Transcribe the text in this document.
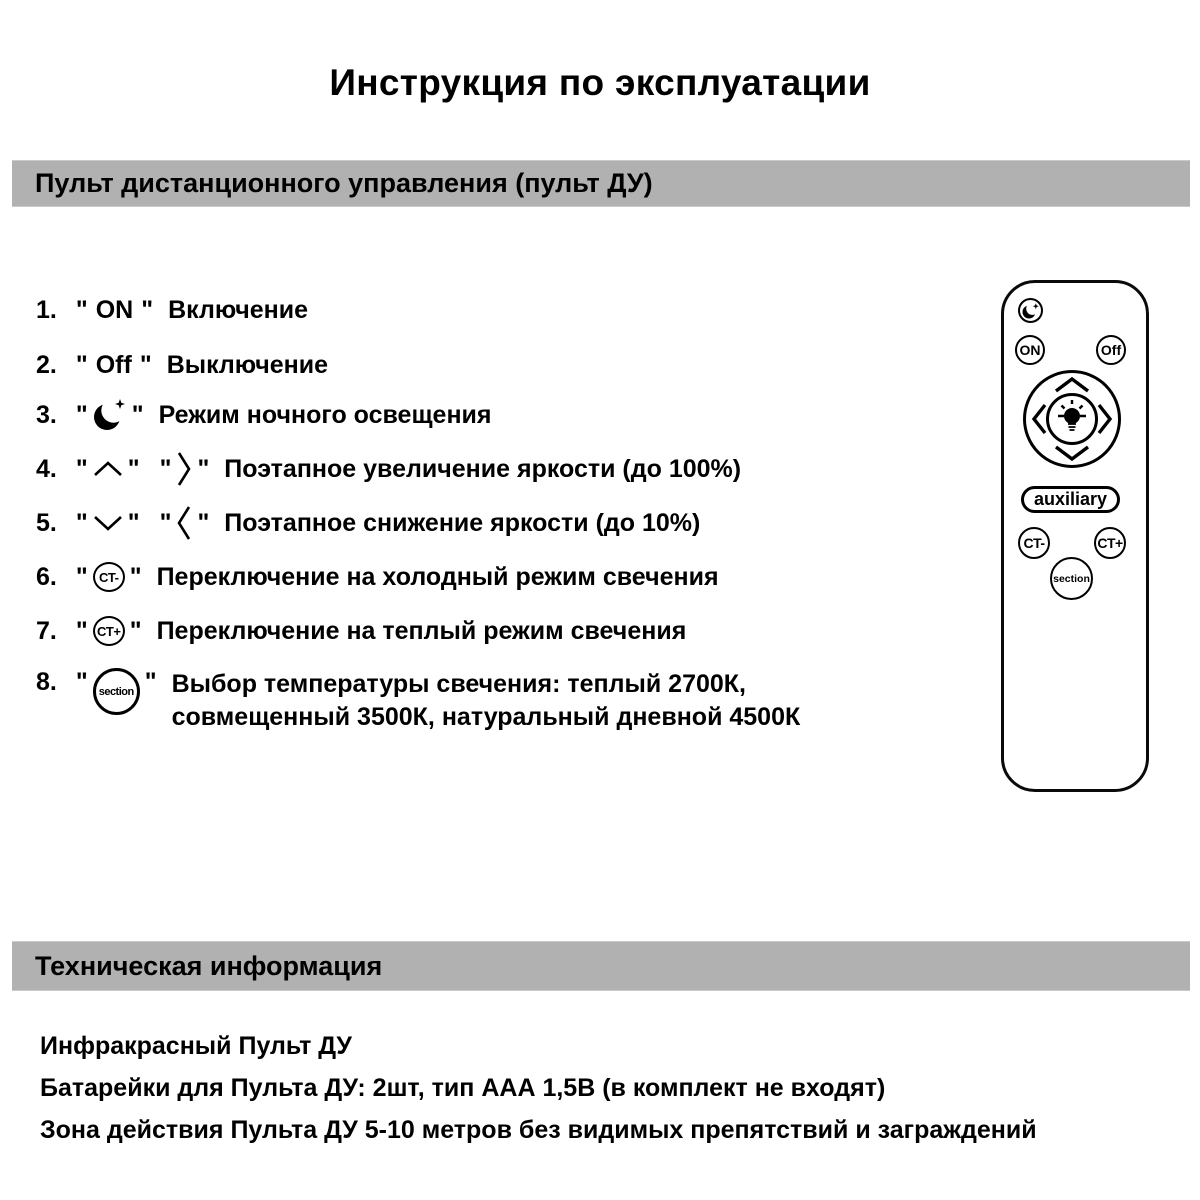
Инструкция по эксплуатации
Пульт дистанционного управления (пульт ДУ)
1. " ON " Включение
2. " Off " Выключение
3. " " Режим ночного освещения
4. " " " " Поэтапное увеличение яркости (до 100%)
5. " " " " Поэтапное снижение яркости (до 10%)
6. " CT- " Переключение на холодный режим свечения
7. " CT+ " Переключение на теплый режим свечения
8. " section " Выбор температуры свечения: теплый 2700К,
совмещенный 3500К, натуральный дневной 4500К
ON	Off
auxiliary
CT-	CT+
section
Техническая информация
Инфракрасный Пульт ДУ
Батарейки для Пульта ДУ: 2шт, тип ААА 1,5В (в комплект не входят)
Зона действия Пульта ДУ 5-10 метров без видимых препятствий и заграждений
